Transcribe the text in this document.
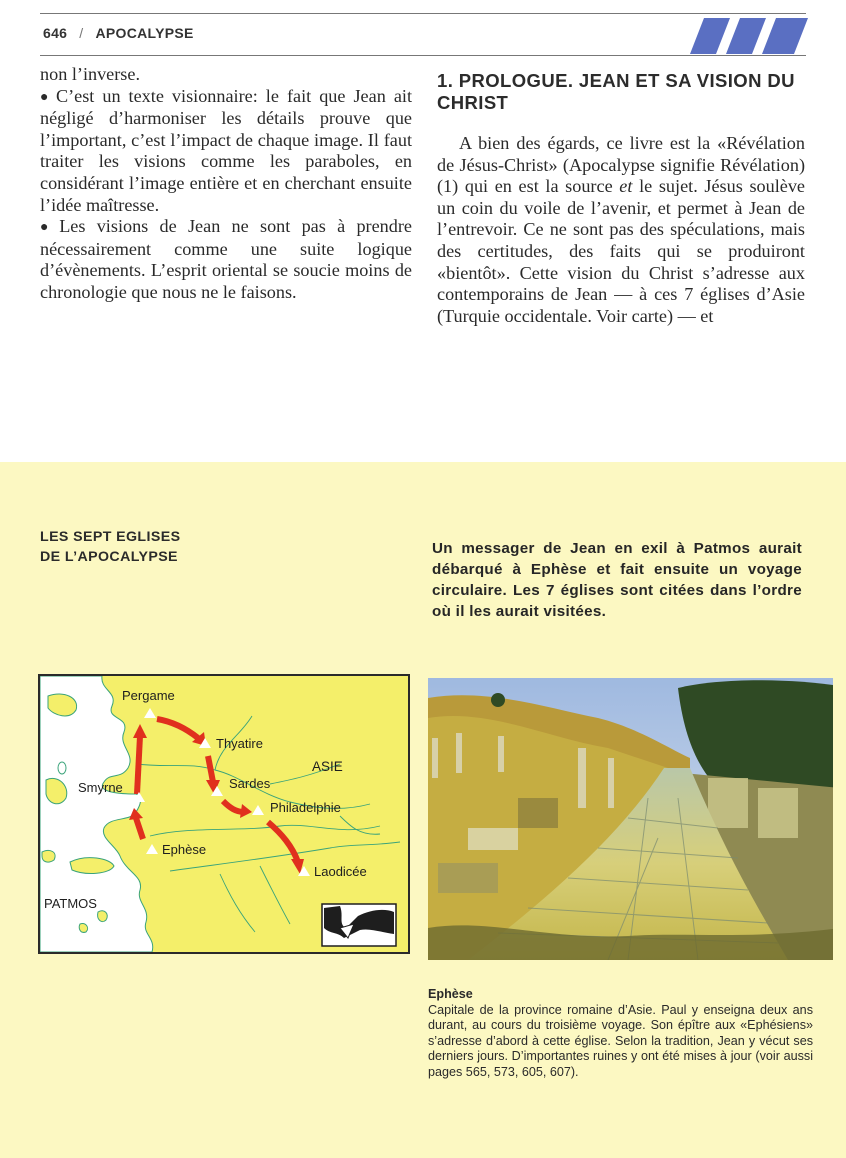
646 / APOCALYPSE

non l’inverse.

● C’est un texte visionnaire: le fait que Jean ait négligé d’harmoniser les détails prouve que l’important, c’est l’impact de chaque image. Il faut traiter les visions comme les paraboles, en considérant l’image entière et en cherchant ensuite l’idée maîtresse.

● Les visions de Jean ne sont pas à prendre nécessairement comme une suite logique d’évènements. L’esprit oriental se soucie moins de chronologie que nous ne le faisons.

1. PROLOGUE. JEAN ET SA VISION DU CHRIST

A bien des égards, ce livre est la «Révélation de Jésus-Christ» (Apocalypse signifie Révélation) (1) qui en est la source et le sujet. Jésus soulève un coin du voile de l’avenir, et permet à Jean de l’entrevoir. Ce ne sont pas des spéculations, mais des certitudes, des faits qui se produiront «bientôt». Cette vision du Christ s’adresse aux contemporains de Jean — à ces 7 églises d’Asie (Turquie occidentale. Voir carte) — et

LES SEPT EGLISES
DE L’APOCALYPSE	Un messager de Jean en exil à Patmos aurait débarqué à Ephèse et fait ensuite un voyage circulaire. Les 7 églises sont citées dans l’ordre où il les aurait visitées.
Pergame
Thyatire
Sardes
Smyrne
Philadelphie
Ephèse
Laodicée
ASIE
PATMOS
Ephèse
Capitale de la province romaine d’Asie. Paul y enseigna deux ans durant, au cours du troisième voyage. Son épître aux «Ephésiens» s’adresse d’abord à cette église. Selon la tradition, Jean y vécut ses derniers jours. D’importantes ruines y ont été mises à jour (voir aussi pages 565, 573, 605, 607).
